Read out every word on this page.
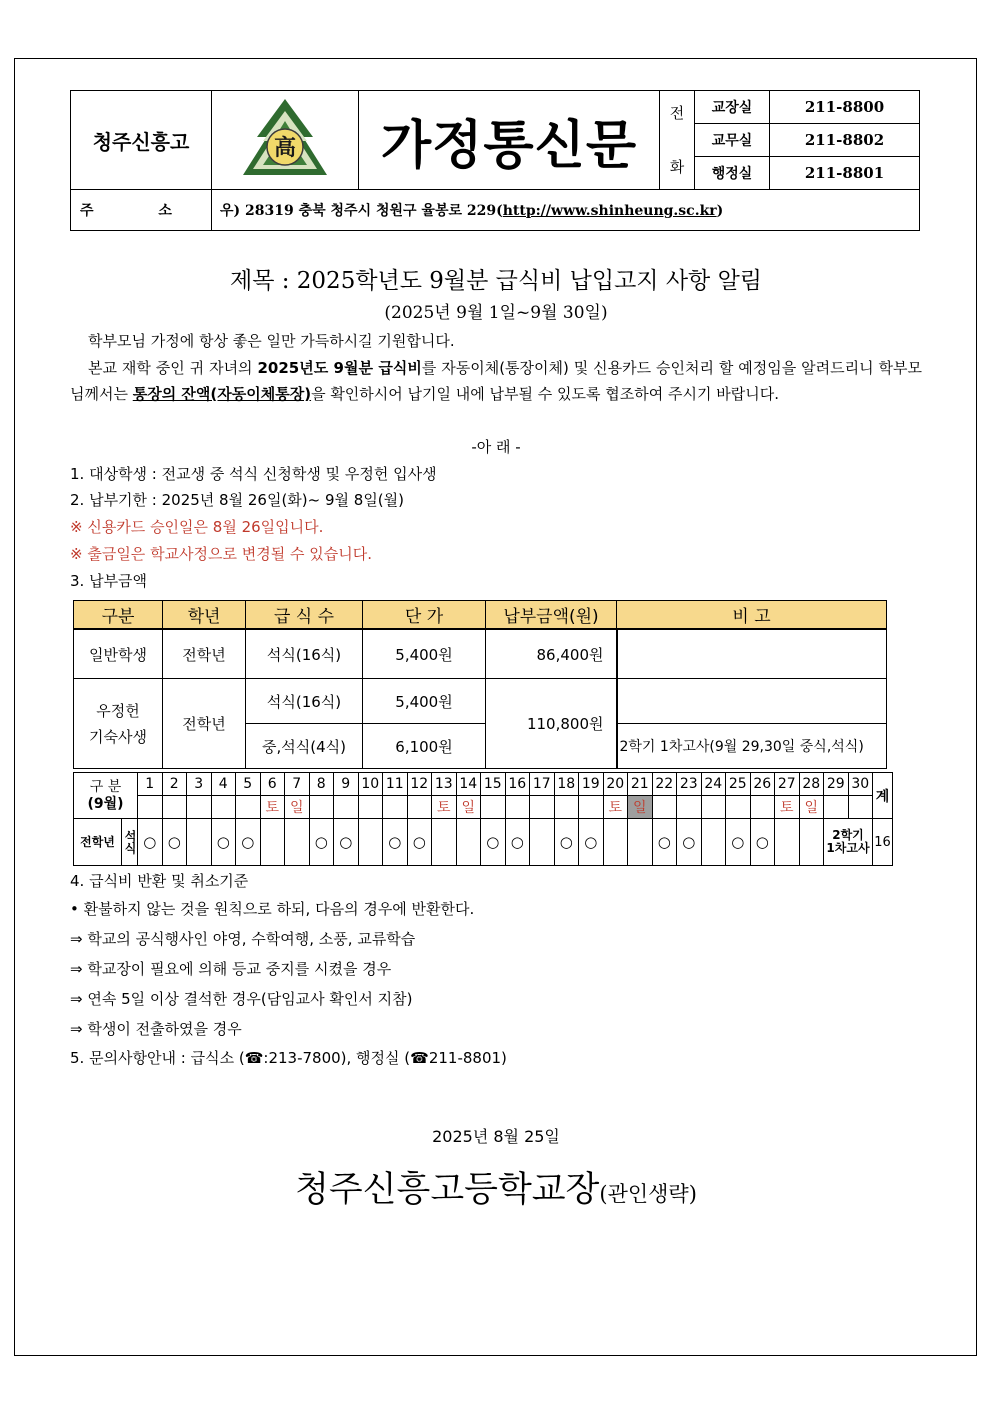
청주신흥고	高	가정통신문	전
화	교장실	211-8800
				교무실	211-8802
				행정실	211-8801
주 소	우) 28319 충북 청주시 청원구 율봉로 229(http://www.shinheung.sc.kr)				
제목 : 2025학년도 9월분 급식비 납입고지 사항 알림
(2025년 9월 1일~9월 30일)
학부모님 가정에 항상 좋은 일만 가득하시길 기원합니다.
본교 재학 중인 귀 자녀의 2025년도 9월분 급식비를 자동이체(통장이체) 및 신용카드 승인처리 할 예정임을 알려드리니 학부모님께서는 통장의 잔액(자동이체통장)을 확인하시어 납기일 내에 납부될 수 있도록 협조하여 주시기 바랍니다.
-아 래 -
1. 대상학생 : 전교생 중 석식 신청학생 및 우정헌 입사생
2. 납부기한 : 2025년 8월 26일(화)~ 9월 8일(월)
※ 신용카드 승인일은 8월 26일입니다.
※ 출금일은 학교사정으로 변경될 수 있습니다.
3. 납부금액
구분	학년	급 식 수	단 가	납부금액(원)	비 고
일반학생	전학년	석식(16식)	5,400원	86,400원	
우정헌
기숙사생	전학년	석식(16식)	5,400원	110,800원	
		중,석식(4식)	6,100원		2학기 1차고사(9월 29,30일 중식,석식)
구 분
(9월)		1	2	3	4	5	6	7	8	9	10	11	12	13	14	15	16	17	18	19	20	21	22	23	24	25	26	27	28	29	30	계
							토	일						토	일						토	일						토	일			
전학년	석식	○	○		○	○			○	○		○	○			○	○		○	○			○	○		○	○			2학기
1차고사		16
4. 급식비 반환 및 취소기준
• 환불하지 않는 것을 원칙으로 하되, 다음의 경우에 반환한다.
⇒ 학교의 공식행사인 야영, 수학여행, 소풍, 교류학습
⇒ 학교장이 필요에 의해 등교 중지를 시켰을 경우
⇒ 연속 5일 이상 결석한 경우(담임교사 확인서 지참)
⇒ 학생이 전출하였을 경우
5. 문의사항안내 : 급식소 (☎:213-7800), 행정실 (☎211-8801)
2025년 8월 25일
청주신흥고등학교장(관인생략)
